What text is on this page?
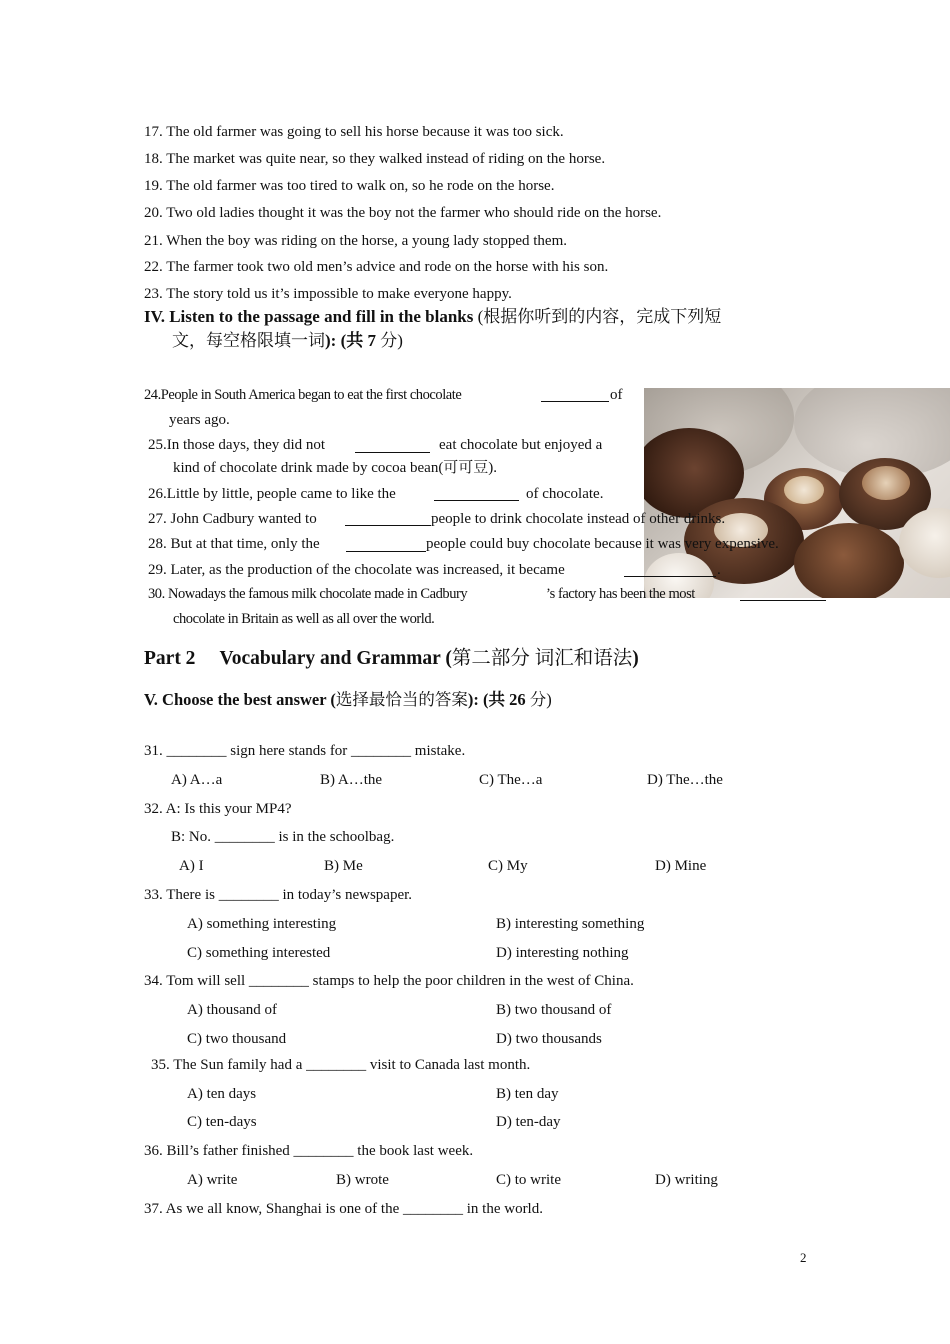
17. The old farmer was going to sell his horse because it was too sick.
18. The market was quite near, so they walked instead of riding on the horse.
19. The old farmer was too tired to walk on, so he rode on the horse.
20. Two old ladies thought it was the boy not the farmer who should ride on the horse.
21. When the boy was riding on the horse, a young lady stopped them.
22. The farmer took two old men’s advice and rode on the horse with his son.
23. The story told us it’s impossible to make everyone happy.
IV. Listen to the passage and fill in the blanks (根据你听到的内容，完成下列短
文，每空格限填一词): (共 7 分)
24.People in South America began to eat the first chocolate	of
years ago.
25.In those days, they did not	eat chocolate but enjoyed a
kind of chocolate drink made by cocoa bean(可可豆).
26.Little by little, people came to like the	of chocolate.
27. John Cadbury wanted to	people to drink chocolate instead of other drinks.
28. But at that time, only the	people could buy chocolate because it was very expensive.
29. Later, as the production of the chocolate was increased, it became	.
30. Nowadays the famous milk chocolate made in Cadbury	’s factory has been the most
chocolate in Britain as well as all over the world.
Part 2 Vocabulary and Grammar (第二部分 词汇和语法)
V. Choose the best answer (选择最恰当的答案): (共 26 分)
31. ________ sign here stands for ________ mistake.
A) A…a	B) A…the	C) The…a	D) The…the
32. A: Is this your MP4?
B: No. ________ is in the schoolbag.
A) I	B) Me	C) My	D) Mine
33. There is ________ in today’s newspaper.
A) something interesting	B) interesting something
C) something interested	D) interesting nothing
34. Tom will sell ________ stamps to help the poor children in the west of China.
A) thousand of	B) two thousand of
C) two thousand	D) two thousands
35. The Sun family had a ________ visit to Canada last month.
A) ten days	B) ten day
C) ten-days	D) ten-day
36. Bill’s father finished ________ the book last week.
A) write	B) wrote	C) to write	D) writing
37. As we all know, Shanghai is one of the ________ in the world.
2
